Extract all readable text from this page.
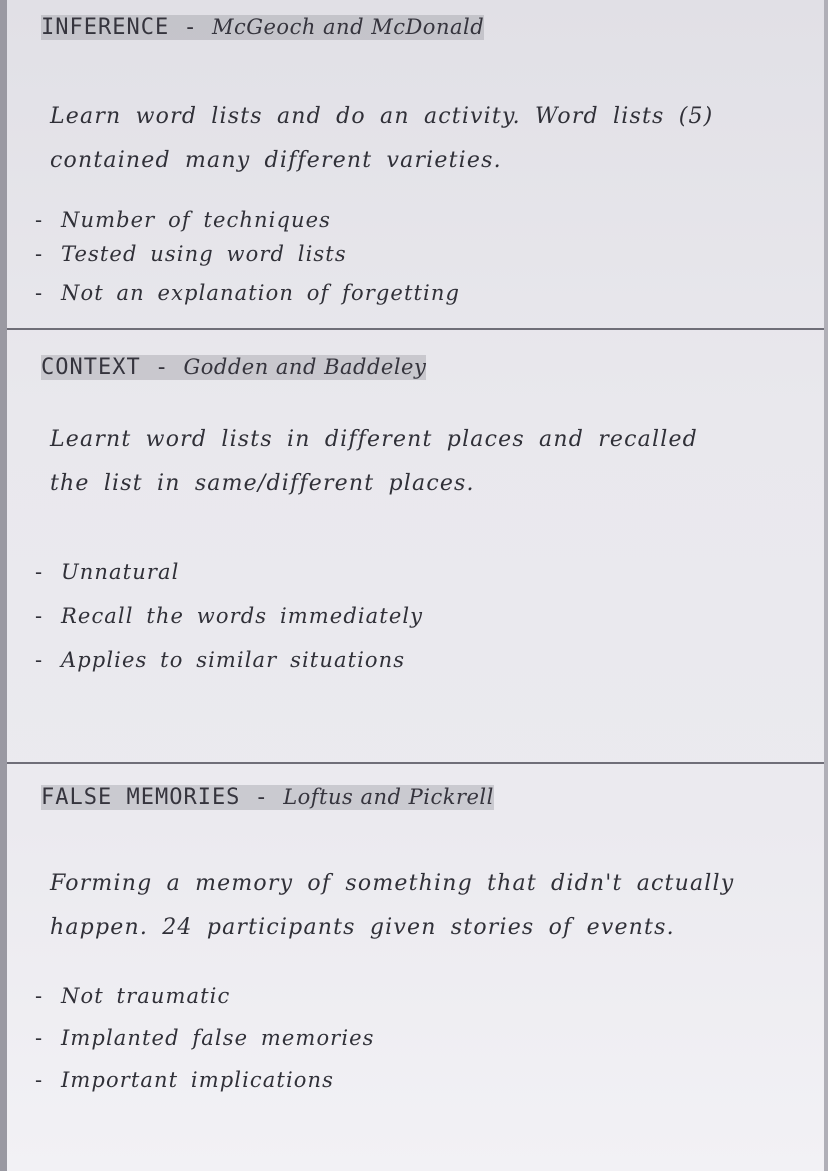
INFERENCE - McGeoch and McDonald
Learn word lists and do an activity. Word lists (5)
contained many different varieties.
- Number of techniques
- Tested using word lists
- Not an explanation of forgetting
CONTEXT - Godden and Baddeley
Learnt word lists in different places and recalled
the list in same/different places.
- Unnatural
- Recall the words immediately
- Applies to similar situations
FALSE MEMORIES - Loftus and Pickrell
Forming a memory of something that didn't actually
happen. 24 participants given stories of events.
- Not traumatic
- Implanted false memories
- Important implications
